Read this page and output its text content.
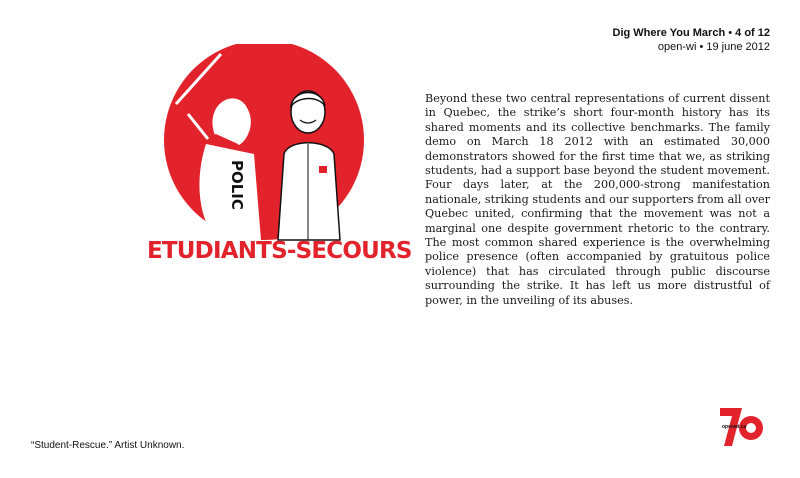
Dig Where You March • 4 of 12
open-wi • 19 june 2012
POLIC
ETUDIANTS-SECOURS
Beyond these two central representations of current dissent in Quebec, the strike’s short four-month history has its shared moments and its collective benchmarks. The family demo on March 18 2012 with an estimated 30,000 demonstrators showed for the first time that we, as striking students, had a support base beyond the student movement. Four days later, at the 200,000-strong manifestation nationale, striking students and our supporters from all over Quebec united, confirming that the movement was not a marginal one despite government rhetoric to the contrary. The most common shared experience is the overwhelming police presence (often accompanied by gratuitous police violence) that has circulated through public discourse surrounding the strike. It has left us more distrustful of power, in the unveiling of its abuses.
“Student-Rescue.” Artist Unknown.
openwi.ca
